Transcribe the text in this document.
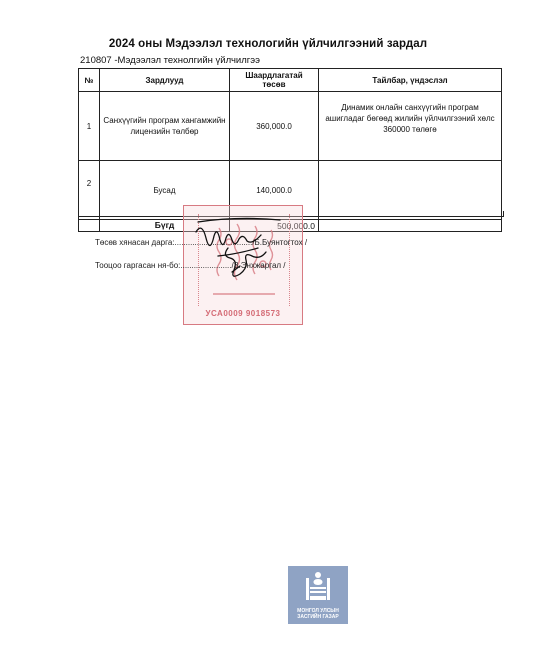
2024 оны Мэдээлэл технологийн үйлчилгээний зардал
210807 -Мэдээлэл технолгийн үйлчилгээ
№	Зардлууд	Шаардлагатай төсөв	Тайлбар, үндэслэл
1	Санхүүгийн програм хангамжийн лицензийн төлбөр	360,000.0	Динамик онлайн санхүүгийн програм ашигладаг бөгөөд жилийн үйлчилгээний хөлс 360000 төлөгө
2	Бусад	140,000.0	
	Бүгд	500,000.0	
УСА0009 9018573
Төсөв хянасан дарга:.................................../Б.Буянтогтох /
Тооцоо гаргасан ня-бо:......................./З.Энхжаргал /
МОНГОЛ УЛСЫН
ЗАСГИЙН ГАЗАР
